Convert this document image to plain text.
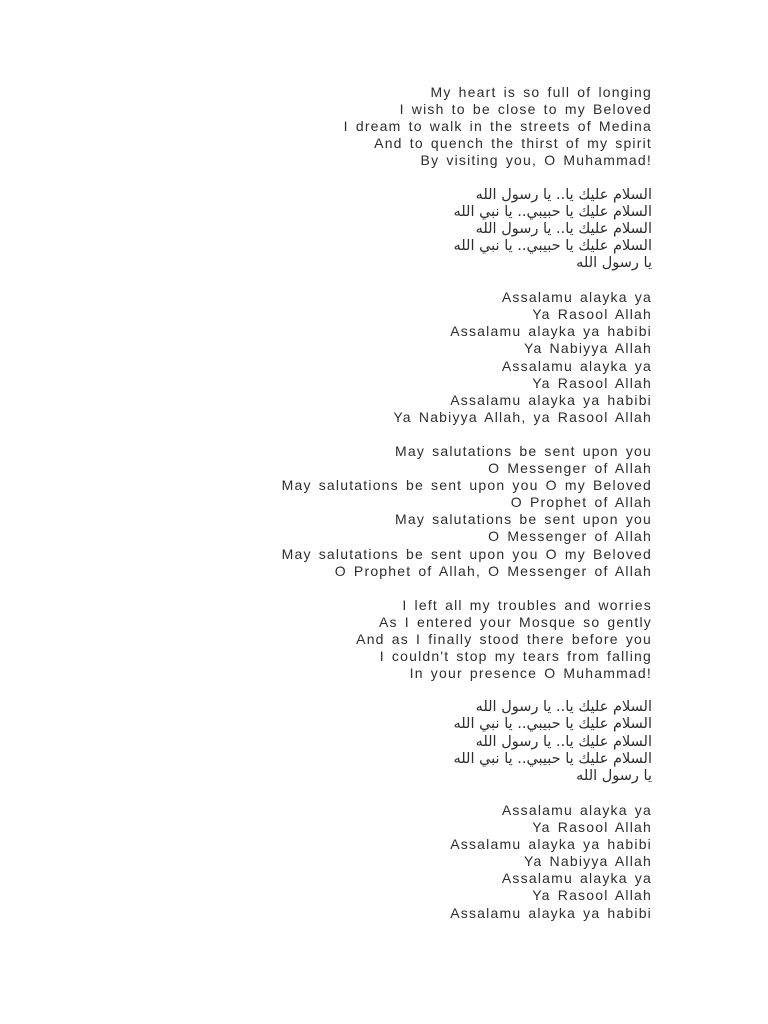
My heart is so full of longing
I wish to be close to my Beloved
I dream to walk in the streets of Medina
And to quench the thirst of my spirit
By visiting you, O Muhammad!
السلام عليك يا.. يا رسول الله
السلام عليك يا حبيبي.. يا نبي الله
السلام عليك يا.. يا رسول الله
السلام عليك يا حبيبي.. يا نبي الله
يا رسول الله
Assalamu alayka ya
Ya Rasool Allah
Assalamu alayka ya habibi
Ya Nabiyya Allah
Assalamu alayka ya
Ya Rasool Allah
Assalamu alayka ya habibi
Ya Nabiyya Allah, ya Rasool Allah
May salutations be sent upon you
O Messenger of Allah
May salutations be sent upon you O my Beloved
O Prophet of Allah
May salutations be sent upon you
O Messenger of Allah
May salutations be sent upon you O my Beloved
O Prophet of Allah, O Messenger of Allah
I left all my troubles and worries
As I entered your Mosque so gently
And as I finally stood there before you
I couldn't stop my tears from falling
In your presence O Muhammad!
السلام عليك يا.. يا رسول الله
السلام عليك يا حبيبي.. يا نبي الله
السلام عليك يا.. يا رسول الله
السلام عليك يا حبيبي.. يا نبي الله
يا رسول الله
Assalamu alayka ya
Ya Rasool Allah
Assalamu alayka ya habibi
Ya Nabiyya Allah
Assalamu alayka ya
Ya Rasool Allah
Assalamu alayka ya habibi
